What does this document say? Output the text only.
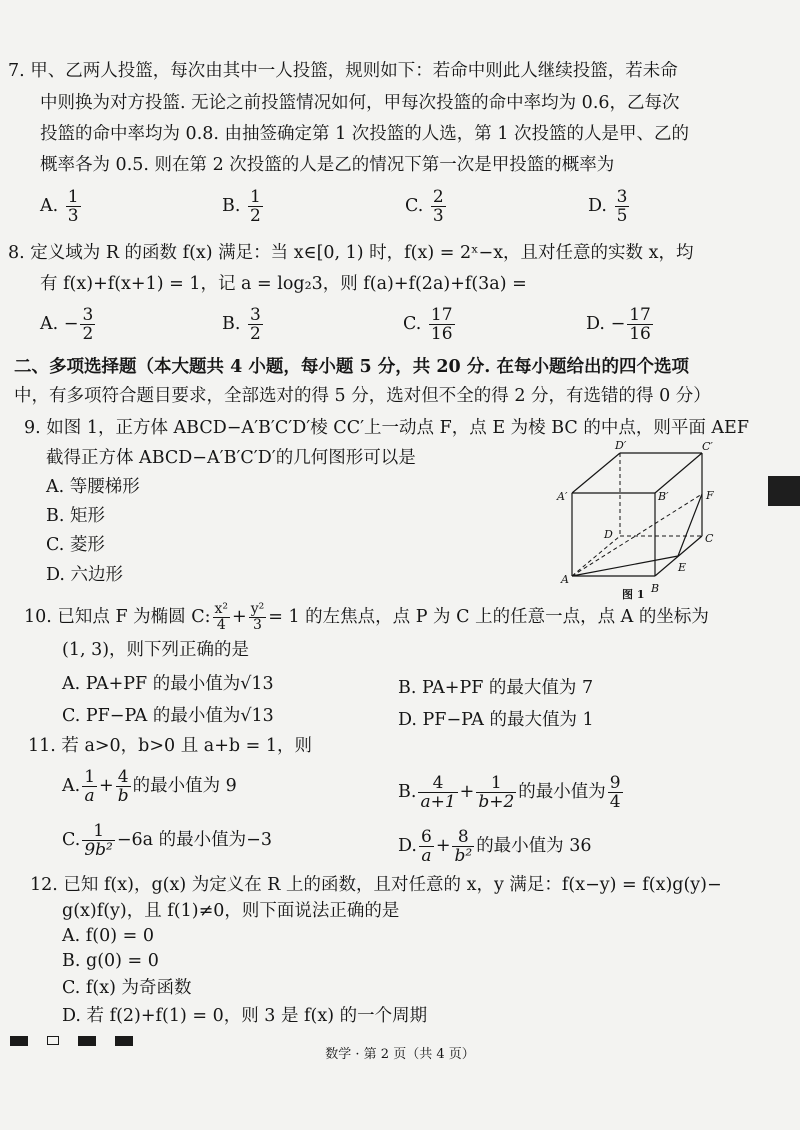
7. 甲、乙两人投篮，每次由其中一人投篮，规则如下：若命中则此人继续投篮，若未命
中则换为对方投篮. 无论之前投篮情况如何，甲每次投篮的命中率均为 0.6，乙每次
投篮的命中率均为 0.8. 由抽签确定第 1 次投篮的人选，第 1 次投篮的人是甲、乙的
概率各为 0.5. 则在第 2 次投篮的人是乙的情况下第一次是甲投篮的概率为
A. $\frac{1}{3}$	B. $\frac{1}{2}$	C. $\frac{2}{3}$	D. $\frac{3}{5}$
8. 定义域为 R 的函数 f(x) 满足：当 x∈[0, 1) 时，f(x) = 2ˣ−x，且对任意的实数 x，均
有 f(x)+f(x+1) = 1，记 a = log₂3，则 f(a)+f(2a)+f(3a) =
A. − $\frac{3}{2}$	B. $\frac{3}{2}$	C. $\frac{17}{16}$	D. − $\frac{17}{16}$
二、多项选择题（本大题共 4 小题，每小题 5 分，共 20 分. 在每小题给出的四个选项
中，有多项符合题目要求，全部选对的得 5 分，选对但不全的得 2 分，有选错的得 0 分）
9. 如图 1，正方体 ABCD−A′B′C′D′棱 CC′上一动点 F，点 E 为棱 BC 的中点，则平面 AEF
截得正方体 ABCD−A′B′C′D′的几何图形可以是
A. 等腰梯形
B. 矩形
C. 菱形
D. 六边形	A
B
C
D
A′	B′
C′
D′
E
F
图 1
10. 已知点 F 为椭圆 C: $\frac{\text{x²}}{4} + \frac{\text{y²}}{3} = 1$ 的左焦点，点 P 为 C 上的任意一点，点 A 的坐标为
(1, 3)，则下列正确的是
A. PA+PF 的最小值为√13	B. PA+PF 的最大值为 7
C. PF−PA 的最小值为√13	D. PF−PA 的最大值为 1
11. 若 a>0，b>0 且 a+b = 1，则
A. $\frac{1}{a} + \frac{4}{b}$ 的最小值为 9	B. $\frac{4}{a+1} + \frac{1}{b+2}$ 的最小值为 $\frac{9}{4}$
C. $\frac{1}{\text{9b²}} -6a$ 的最小值为−3	D. $\frac{6}{a} + \frac{8}{\text{b²}}$ 的最小值为 36
12. 已知 f(x)，g(x) 为定义在 R 上的函数，且对任意的 x，y 满足：f(x−y) = f(x)g(y)−
g(x)f(y)，且 f(1)≠0，则下面说法正确的是
A. f(0) = 0
B. g(0) = 0
C. f(x) 为奇函数
D. 若 f(2)+f(1) = 0，则 3 是 f(x) 的一个周期

数学 · 第 2 页（共 4 页）
